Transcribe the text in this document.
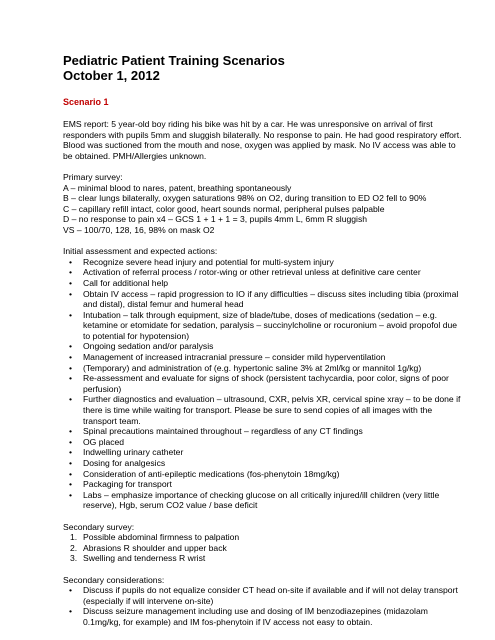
Pediatric Patient Training Scenarios
October 1, 2012
Scenario 1

EMS report: 5 year-old boy riding his bike was hit by a car. He was unresponsive on arrival of first responders with pupils 5mm and sluggish bilaterally. No response to pain. He had good respiratory effort. Blood was suctioned from the mouth and nose, oxygen was applied by mask. No IV access was able to be obtained. PMH/Allergies unknown.

Primary survey:
A – minimal blood to nares, patent, breathing spontaneously
B – clear lungs bilaterally, oxygen saturations 98% on O2, during transition to ED O2 fell to 90%
C – capillary refill intact, color good, heart sounds normal, peripheral pulses palpable
D – no response to pain x4 – GCS 1 + 1 + 1 = 3, pupils 4mm L, 6mm R sluggish
VS – 100/70, 128, 16, 98% on mask O2
Initial assessment and expected actions:
• Recognize severe head injury and potential for multi-system injury
• Activation of referral process / rotor-wing or other retrieval unless at definitive care center
• Call for additional help
• Obtain IV access – rapid progression to IO if any difficulties – discuss sites including tibia (proximal and distal), distal femur and humeral head
• Intubation – talk through equipment, size of blade/tube, doses of medications (sedation – e.g. ketamine or etomidate for sedation, paralysis – succinylcholine or rocuronium – avoid propofol due to potential for hypotension)
• Ongoing sedation and/or paralysis
• Management of increased intracranial pressure – consider mild hyperventilation
• (Temporary) and administration of (e.g. hypertonic saline 3% at 2ml/kg or mannitol 1g/kg)
• Re-assessment and evaluate for signs of shock (persistent tachycardia, poor color, signs of poor perfusion)
• Further diagnostics and evaluation – ultrasound, CXR, pelvis XR, cervical spine xray – to be done if there is time while waiting for transport. Please be sure to send copies of all images with the transport team.
• Spinal precautions maintained throughout – regardless of any CT findings
• OG placed
• Indwelling urinary catheter
• Dosing for analgesics
• Consideration of anti-epileptic medications (fos-phenytoin 18mg/kg)
• Packaging for transport
• Labs – emphasize importance of checking glucose on all critically injured/ill children (very little reserve), Hgb, serum CO2 value / base deficit
Secondary survey:
1. Possible abdominal firmness to palpation
2. Abrasions R shoulder and upper back
3. Swelling and tenderness R wrist
Secondary considerations:
• Discuss if pupils do not equalize consider CT head on-site if available and if will not delay transport (especially if will intervene on-site)
• Discuss seizure management including use and dosing of IM benzodiazepines (midazolam 0.1mg/kg, for example) and IM fos-phenytoin if IV access not easy to obtain.
